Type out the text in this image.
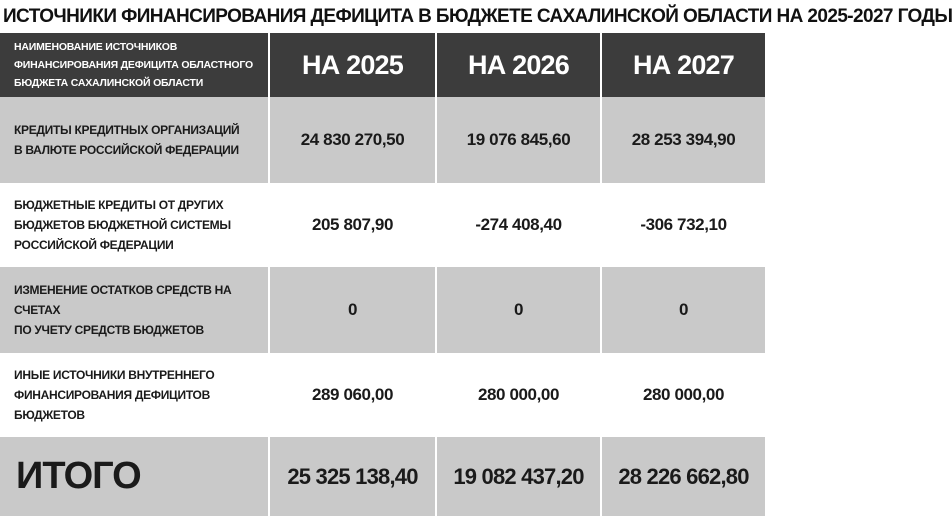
ИСТОЧНИКИ ФИНАНСИРОВАНИЯ ДЕФИЦИТА В БЮДЖЕТЕ САХАЛИНСКОЙ ОБЛАСТИ НА 2025-2027 ГОДЫ
НАИМЕНОВАНИЕ ИСТОЧНИКОВ
ФИНАНСИРОВАНИЯ ДЕФИЦИТА ОБЛАСТНОГО
БЮДЖЕТА САХАЛИНСКОЙ ОБЛАСТИ
НА 2025	НА 2026	НА 2027
КРЕДИТЫ КРЕДИТНЫХ ОРГАНИЗАЦИЙ
В ВАЛЮТЕ РОССИЙСКОЙ ФЕДЕРАЦИИ
24 830 270,50	19 076 845,60	28 253 394,90
БЮДЖЕТНЫЕ КРЕДИТЫ ОТ ДРУГИХ
БЮДЖЕТОВ БЮДЖЕТНОЙ СИСТЕМЫ
РОССИЙСКОЙ ФЕДЕРАЦИИ
205 807,90	-274 408,40	-306 732,10
ИЗМЕНЕНИЕ ОСТАТКОВ СРЕДСТВ НА СЧЕТАХ
ПО УЧЕТУ СРЕДСТВ БЮДЖЕТОВ
0	0	0
ИНЫЕ ИСТОЧНИКИ ВНУТРЕННЕГО
ФИНАНСИРОВАНИЯ ДЕФИЦИТОВ БЮДЖЕТОВ
289 060,00	280 000,00	280 000,00
ИТОГО	25 325 138,40	19 082 437,20	28 226 662,80
